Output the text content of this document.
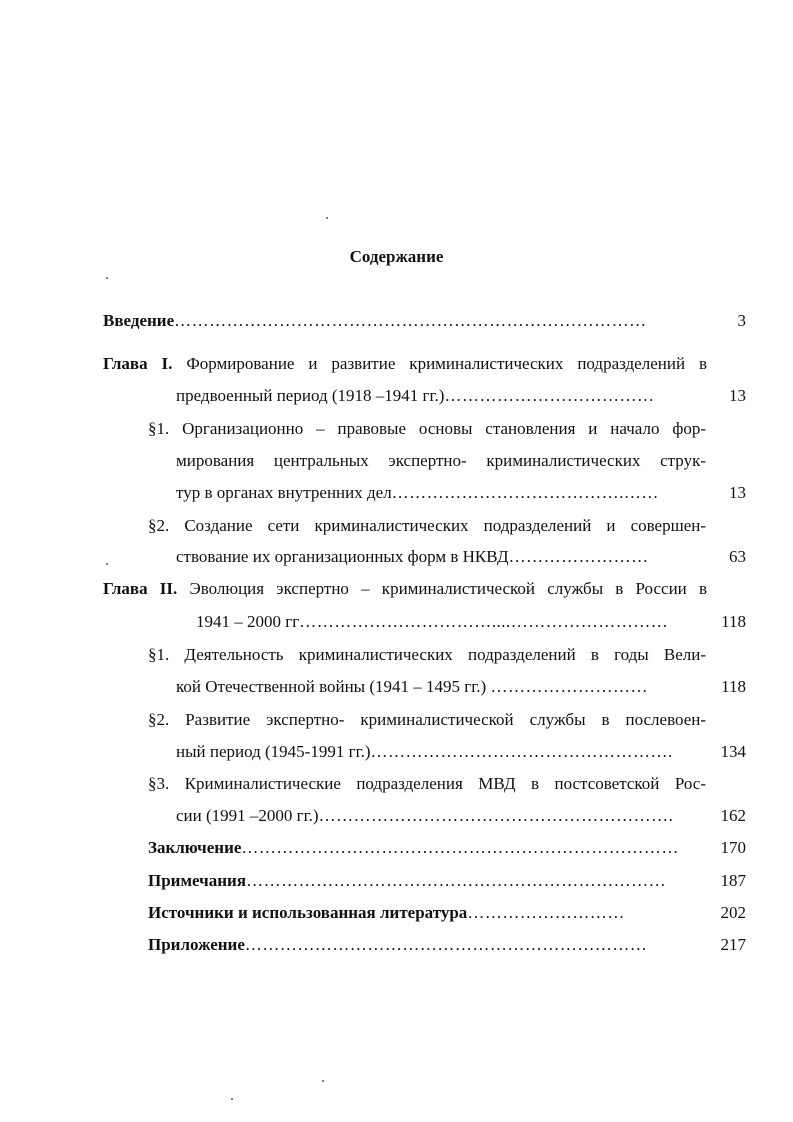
Содержание
Введение………………………………………………………………………	3
Глава I. Формирование и развитие криминалистических подразделений в
предвоенный период (1918 –1941 гг.)………………………………	13
§1. Организационно – правовые основы становления и начало фор-
мирования центральных экспертно- криминалистических струк-
тур в органах внутренних дел………………………………….……	13
§2. Создание сети криминалистических подразделений и совершен-
ствование их организационных форм в НКВД……………………	63
Глава II. Эволюция экспертно – криминалистической службы в России в
1941 – 2000 гг……………………………....………………………	118
§1. Деятельность криминалистических подразделений в годы Вели-
кой Отечественной войны (1941 – 1495 гг.) ………………………	118
§2. Развитие экспертно- криминалистической службы в послевоен-
ный период (1945-1991 гг.)…………………………………………….	134
§3. Криминалистические подразделения МВД в постсоветской Рос-
сии (1991 –2000 гг.)…………………………………………………….	162
Заключение…………………………………………………………………	170
Примечания………………………………………………………………	187
Источники и использованная литература………………………	202
Приложение……………………………………………………………	217
